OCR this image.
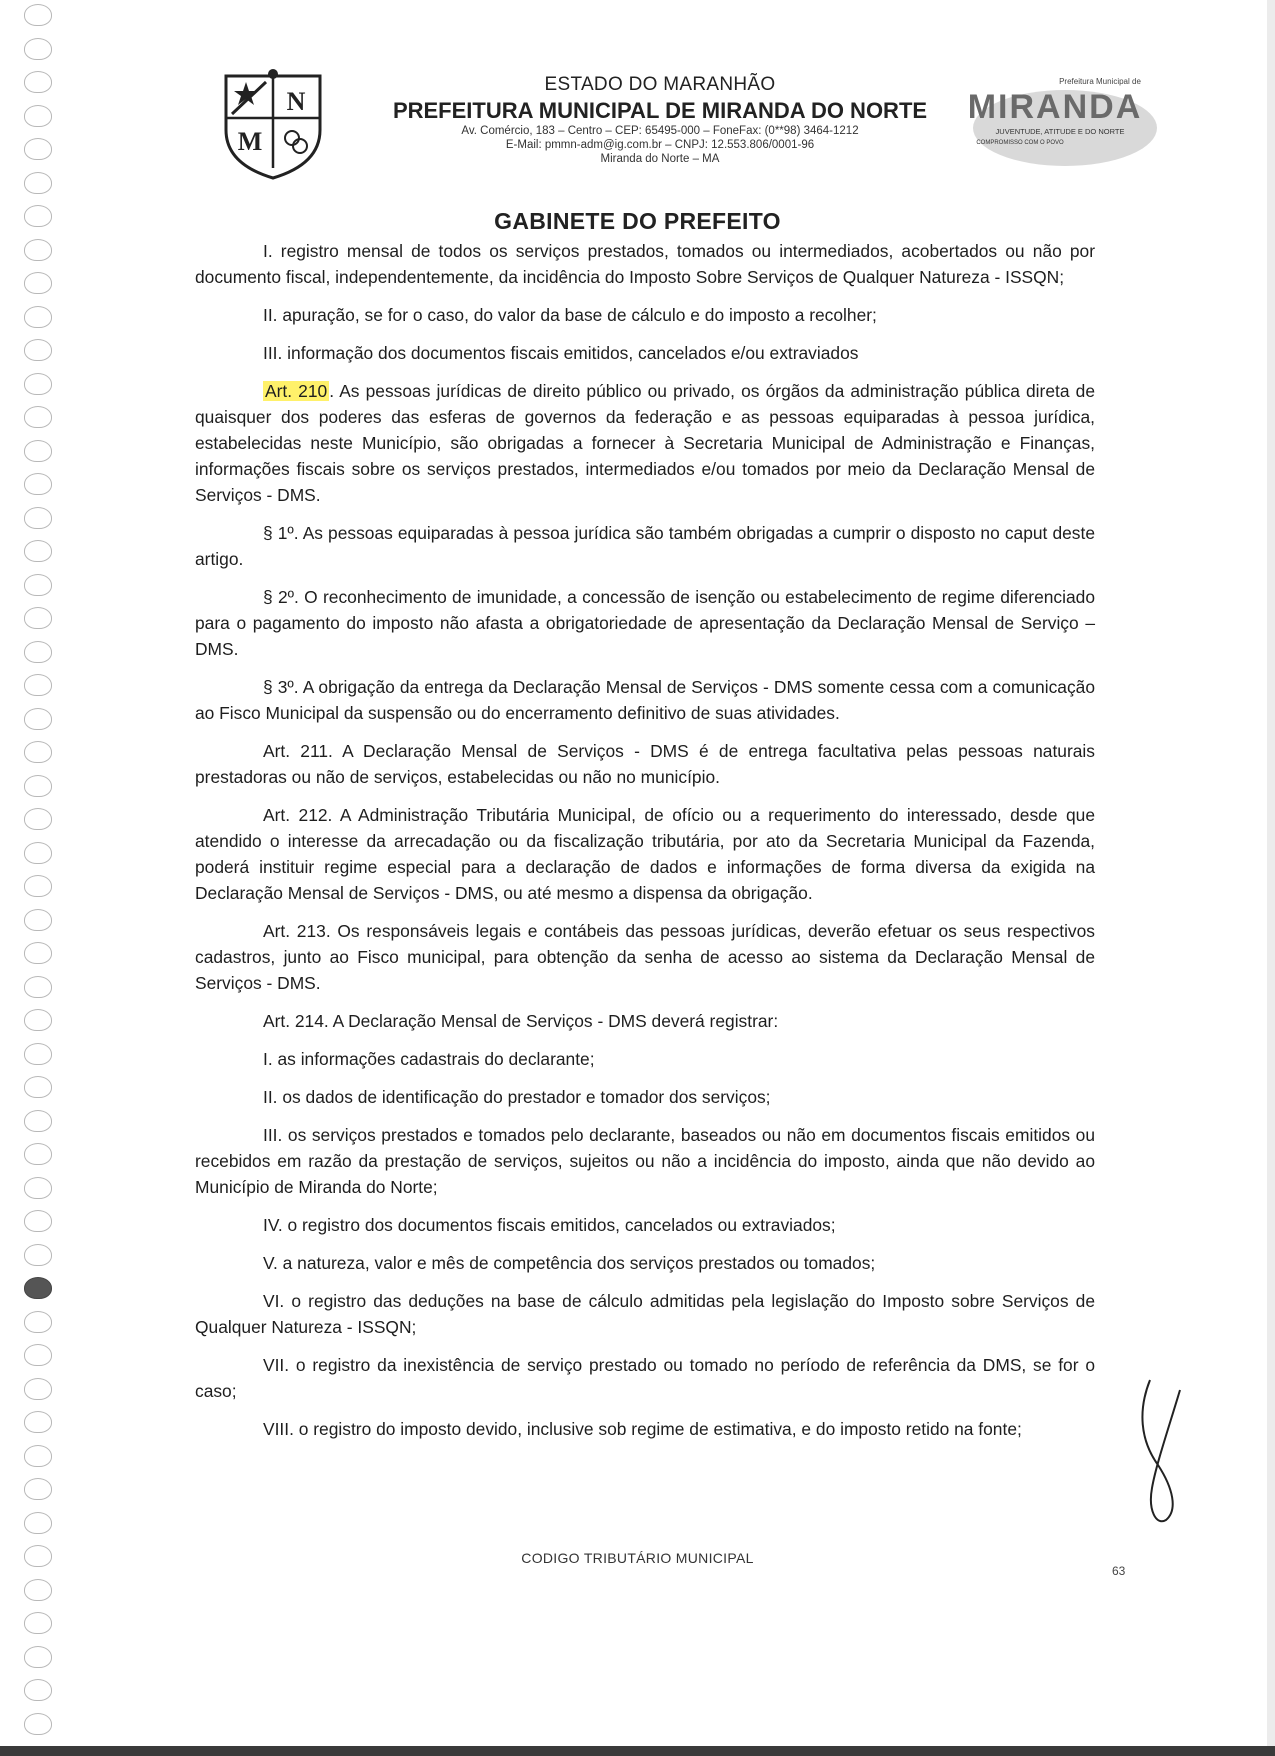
N
M
ESTADO DO MARANHÃO
PREFEITURA MUNICIPAL DE MIRANDA DO NORTE
Av. Comércio, 183 – Centro – CEP: 65495-000 – FoneFax: (0**98) 3464-1212
E-Mail: pmmn-adm@ig.com.br – CNPJ: 12.553.806/0001-96
Miranda do Norte – MA
Prefeitura Municipal de
MIRANDA
JUVENTUDE, ATITUDE E DO NORTE
COMPROMISSO COM O POVO
GABINETE DO PREFEITO

I. registro mensal de todos os serviços prestados, tomados ou intermediados, acobertados ou não por documento fiscal, independentemente, da incidência do Imposto Sobre Serviços de Qualquer Natureza - ISSQN;

II. apuração, se for o caso, do valor da base de cálculo e do imposto a recolher;

III. informação dos documentos fiscais emitidos, cancelados e/ou extraviados

Art. 210 . As pessoas jurídicas de direito público ou privado, os órgãos da administração pública direta de quaisquer dos poderes das esferas de governos da federação e as pessoas equiparadas à pessoa jurídica, estabelecidas neste Município, são obrigadas a fornecer à Secretaria Municipal de Administração e Finanças, informações fiscais sobre os serviços prestados, intermediados e/ou tomados por meio da Declaração Mensal de Serviços - DMS.

§ 1º. As pessoas equiparadas à pessoa jurídica são também obrigadas a cumprir o disposto no caput deste artigo.

§ 2º. O reconhecimento de imunidade, a concessão de isenção ou estabelecimento de regime diferenciado para o pagamento do imposto não afasta a obrigatoriedade de apresentação da Declaração Mensal de Serviço – DMS.

§ 3º. A obrigação da entrega da Declaração Mensal de Serviços - DMS somente cessa com a comunicação ao Fisco Municipal da suspensão ou do encerramento definitivo de suas atividades.

Art. 211. A Declaração Mensal de Serviços - DMS é de entrega facultativa pelas pessoas naturais prestadoras ou não de serviços, estabelecidas ou não no município.

Art. 212. A Administração Tributária Municipal, de ofício ou a requerimento do interessado, desde que atendido o interesse da arrecadação ou da fiscalização tributária, por ato da Secretaria Municipal da Fazenda, poderá instituir regime especial para a declaração de dados e informações de forma diversa da exigida na Declaração Mensal de Serviços - DMS, ou até mesmo a dispensa da obrigação.

Art. 213. Os responsáveis legais e contábeis das pessoas jurídicas, deverão efetuar os seus respectivos cadastros, junto ao Fisco municipal, para obtenção da senha de acesso ao sistema da Declaração Mensal de Serviços - DMS.

Art. 214. A Declaração Mensal de Serviços - DMS deverá registrar:

I. as informações cadastrais do declarante;

II. os dados de identificação do prestador e tomador dos serviços;

III. os serviços prestados e tomados pelo declarante, baseados ou não em documentos fiscais emitidos ou recebidos em razão da prestação de serviços, sujeitos ou não a incidência do imposto, ainda que não devido ao Município de Miranda do Norte;

IV. o registro dos documentos fiscais emitidos, cancelados ou extraviados;

V. a natureza, valor e mês de competência dos serviços prestados ou tomados;

VI. o registro das deduções na base de cálculo admitidas pela legislação do Imposto sobre Serviços de Qualquer Natureza - ISSQN;

VII. o registro da inexistência de serviço prestado ou tomado no período de referência da DMS, se for o caso;

VIII. o registro do imposto devido, inclusive sob regime de estimativa, e do imposto retido na fonte;

CODIGO TRIBUTÁRIO MUNICIPAL
63
